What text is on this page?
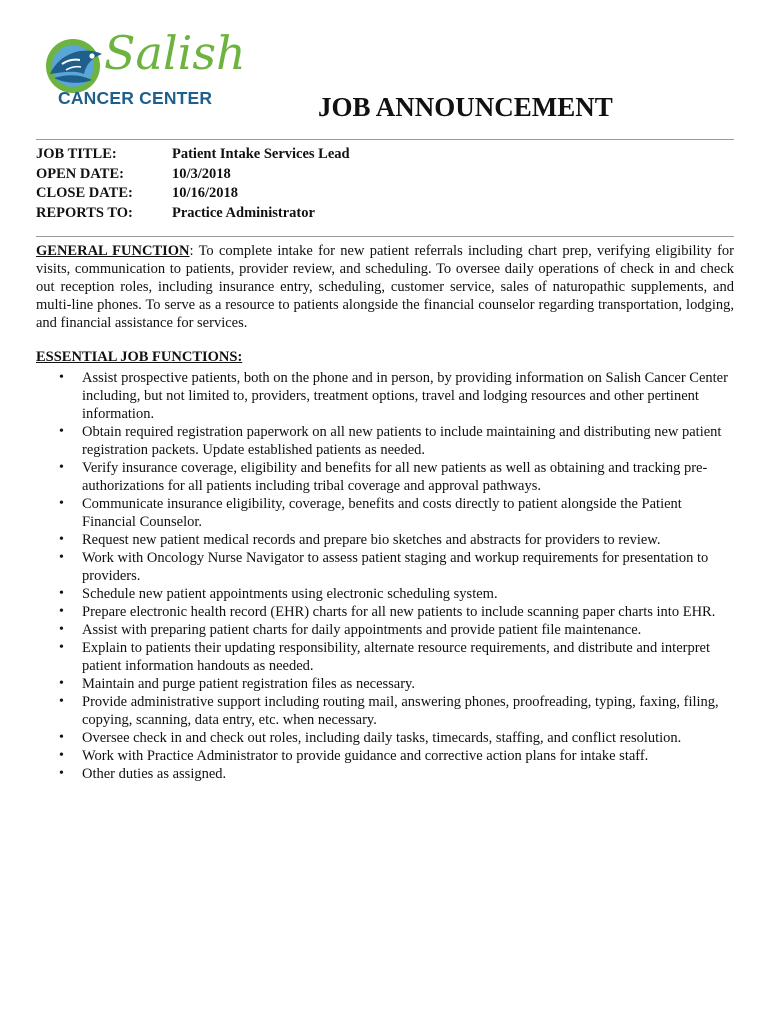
Salish
CANCER CENTER	JOB ANNOUNCEMENT
JOB TITLE:	Patient Intake Services Lead
OPEN DATE:	10/3/2018
CLOSE DATE:	10/16/2018
REPORTS TO:	Practice Administrator
GENERAL FUNCTION: To complete intake for new patient referrals including chart prep, verifying eligibility for visits, communication to patients, provider review, and scheduling. To oversee daily operations of check in and check out reception roles, including insurance entry, scheduling, customer service, sales of naturopathic supplements, and multi-line phones. To serve as a resource to patients alongside the financial counselor regarding transportation, lodging, and financial assistance for services.
ESSENTIAL JOB FUNCTIONS:
• Assist prospective patients, both on the phone and in person, by providing information on Salish Cancer Center including, but not limited to, providers, treatment options, travel and lodging resources and other pertinent information.
• Obtain required registration paperwork on all new patients to include maintaining and distributing new patient registration packets. Update established patients as needed.
• Verify insurance coverage, eligibility and benefits for all new patients as well as obtaining and tracking pre-authorizations for all patients including tribal coverage and approval pathways.
• Communicate insurance eligibility, coverage, benefits and costs directly to patient alongside the Patient Financial Counselor.
• Request new patient medical records and prepare bio sketches and abstracts for providers to review.
• Work with Oncology Nurse Navigator to assess patient staging and workup requirements for presentation to providers.
• Schedule new patient appointments using electronic scheduling system.
• Prepare electronic health record (EHR) charts for all new patients to include scanning paper charts into EHR.
• Assist with preparing patient charts for daily appointments and provide patient file maintenance.
• Explain to patients their updating responsibility, alternate resource requirements, and distribute and interpret patient information handouts as needed.
• Maintain and purge patient registration files as necessary.
• Provide administrative support including routing mail, answering phones, proofreading, typing, faxing, filing, copying, scanning, data entry, etc. when necessary.
• Oversee check in and check out roles, including daily tasks, timecards, staffing, and conflict resolution.
• Work with Practice Administrator to provide guidance and corrective action plans for intake staff.
• Other duties as assigned.
